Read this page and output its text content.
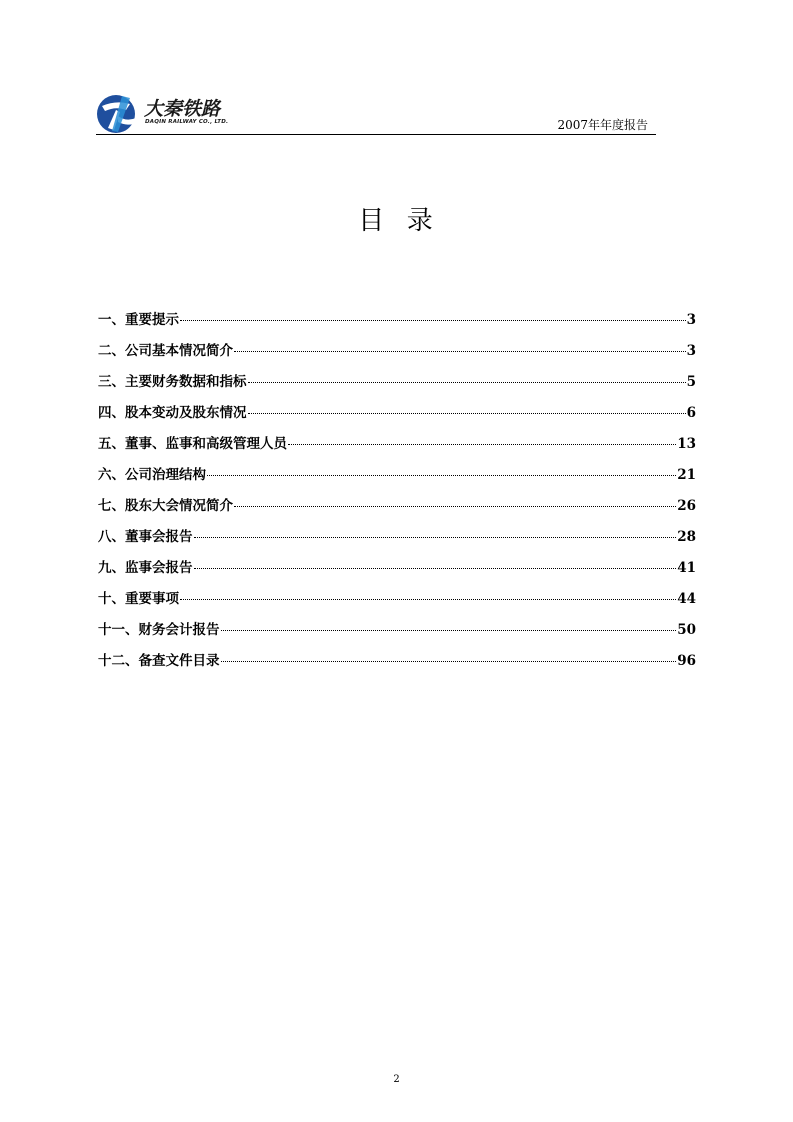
大秦铁路
DAQIN RAILWAY CO., LTD.	2007年年度报告
目  录
一、重要提示	3
二、公司基本情况简介	3
三、主要财务数据和指标	5
四、股本变动及股东情况	6
五、董事、监事和高级管理人员	13
六、公司治理结构	21
七、股东大会情况简介	26
八、董事会报告	28
九、监事会报告	41
十、重要事项	44
十一、财务会计报告	50
十二、备查文件目录	96
2
